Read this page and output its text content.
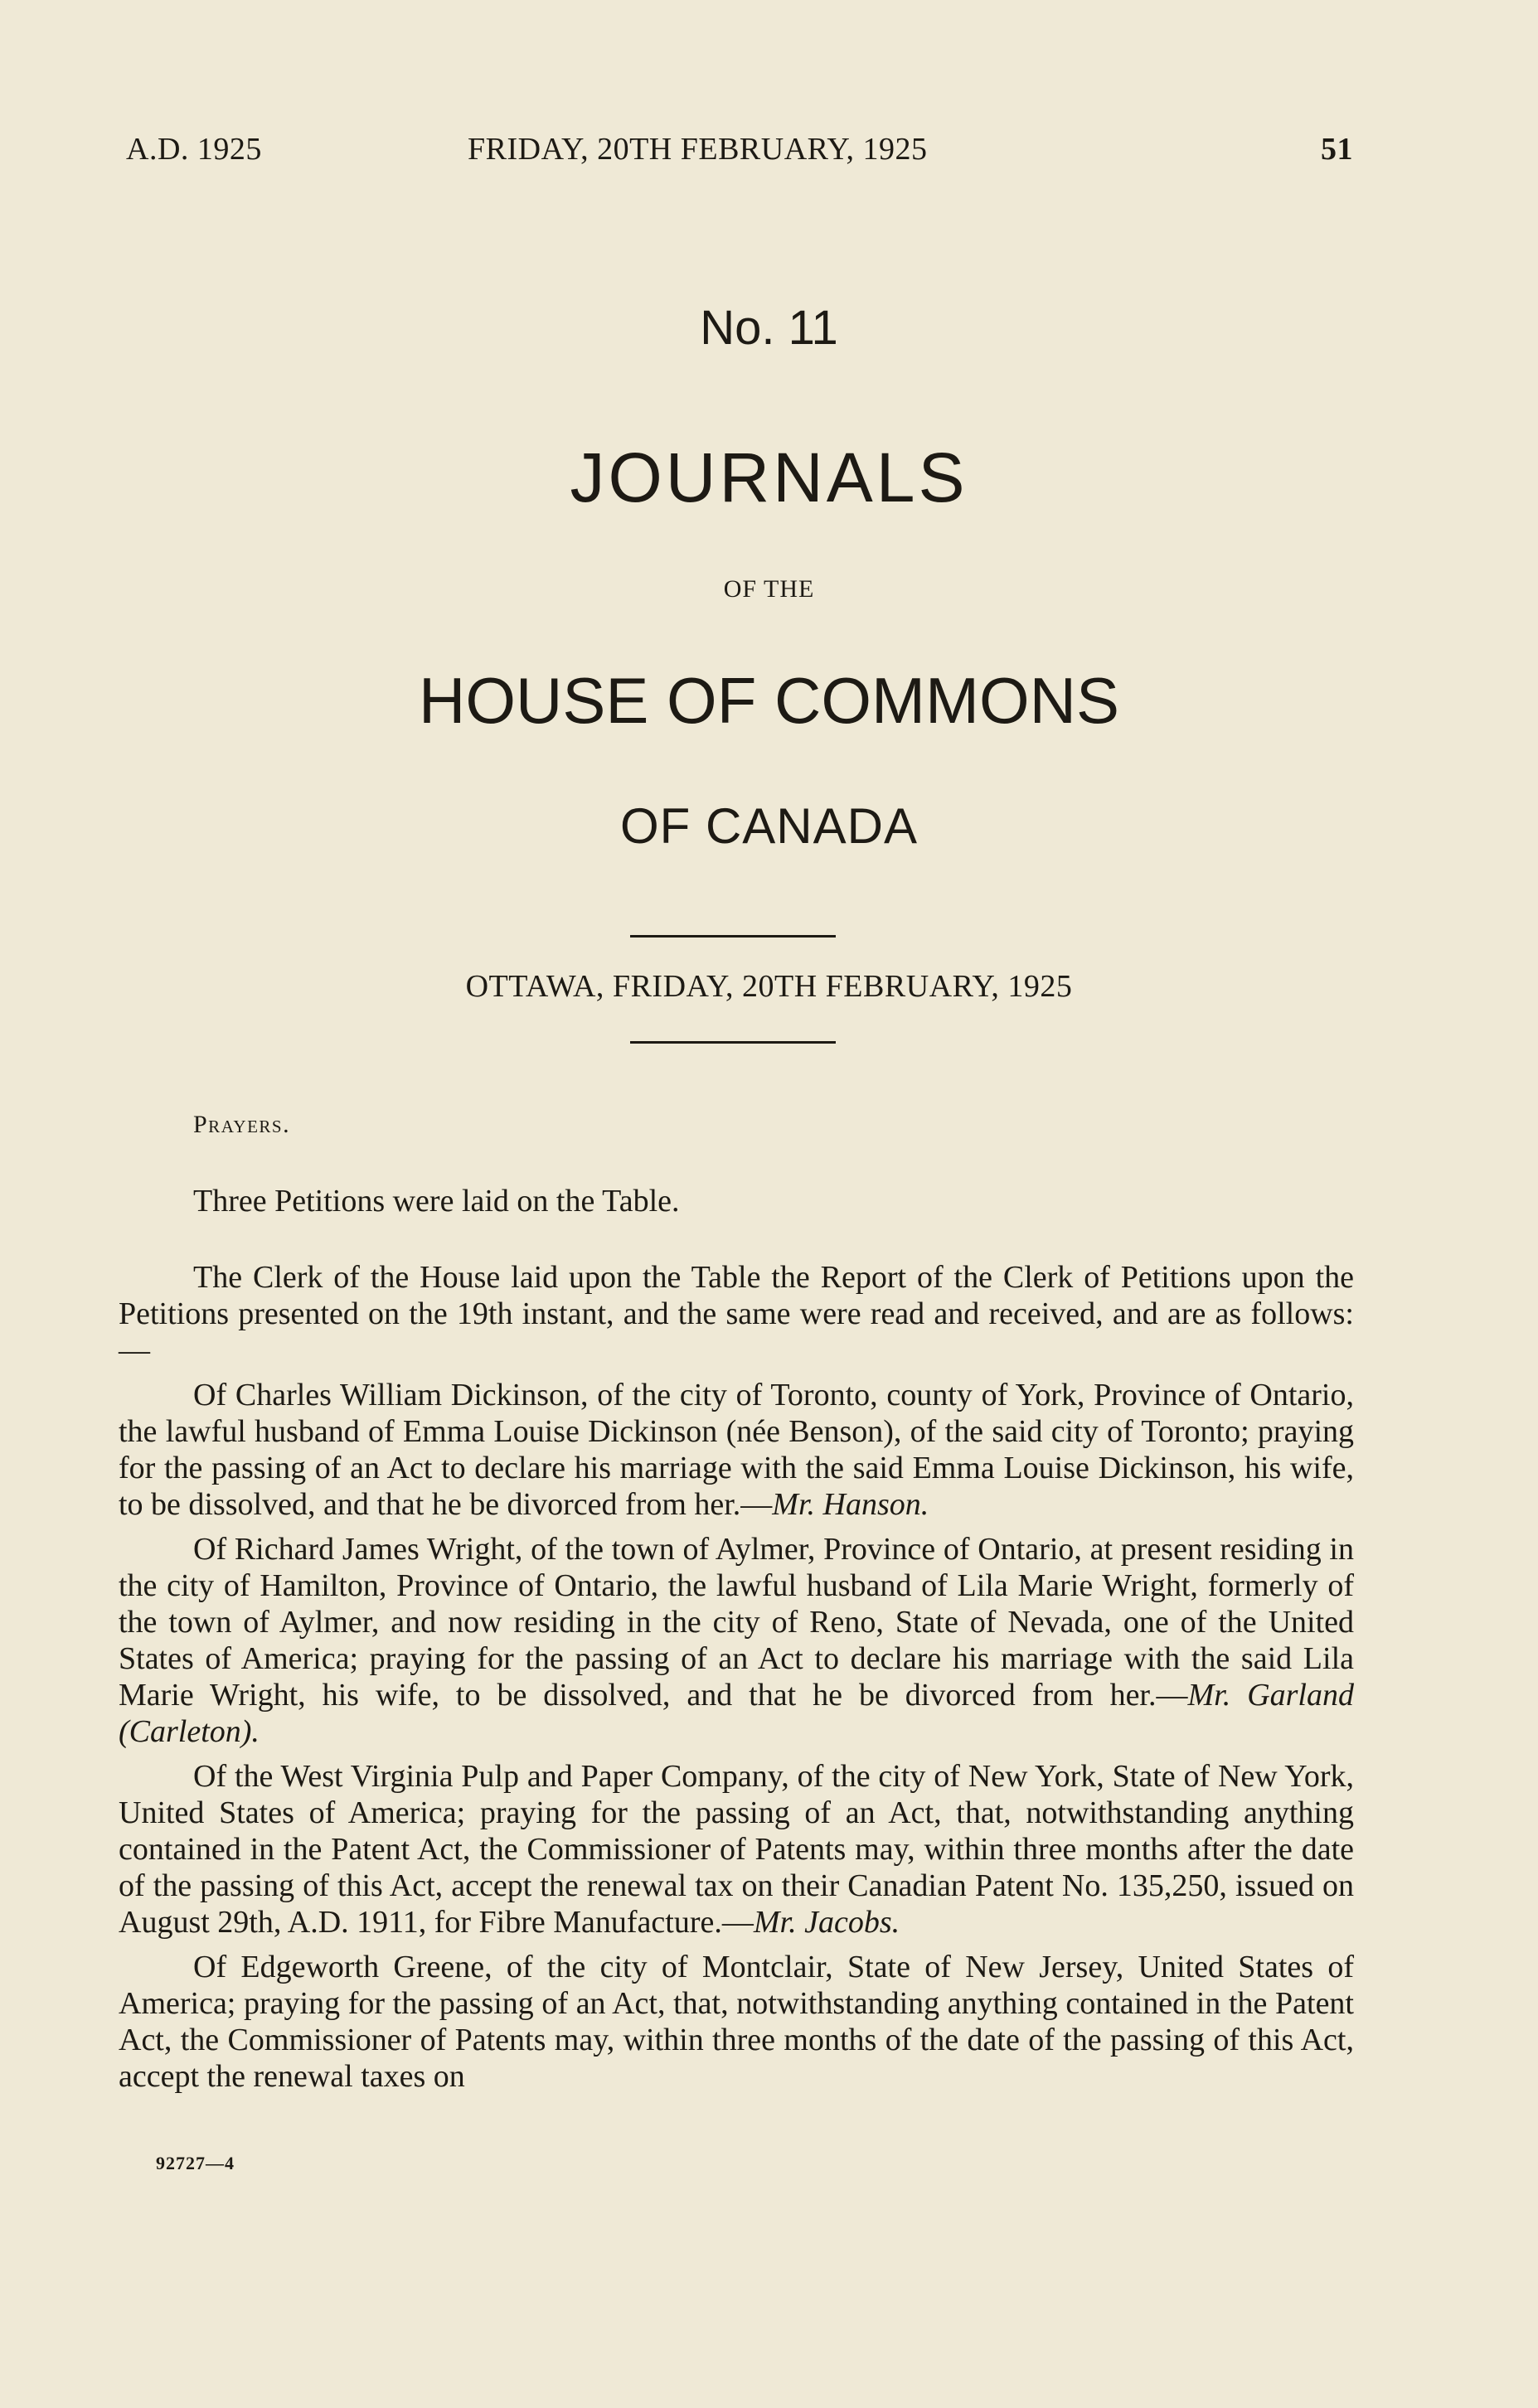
A.D. 1925	FRIDAY, 20TH FEBRUARY, 1925	51
No. 11
JOURNALS
OF THE
HOUSE OF COMMONS
OF CANADA
OTTAWA, FRIDAY, 20TH FEBRUARY, 1925

Prayers.

Three Petitions were laid on the Table.

The Clerk of the House laid upon the Table the Report of the Clerk of Petitions upon the Petitions presented on the 19th instant, and the same were read and received, and are as follows:—

Of Charles William Dickinson, of the city of Toronto, county of York, Province of Ontario, the lawful husband of Emma Louise Dickinson (née Benson), of the said city of Toronto; praying for the passing of an Act to declare his marriage with the said Emma Louise Dickinson, his wife, to be dissolved, and that he be divorced from her.—Mr. Hanson.

Of Richard James Wright, of the town of Aylmer, Province of Ontario, at present residing in the city of Hamilton, Province of Ontario, the lawful husband of Lila Marie Wright, formerly of the town of Aylmer, and now residing in the city of Reno, State of Nevada, one of the United States of America; praying for the passing of an Act to declare his marriage with the said Lila Marie Wright, his wife, to be dissolved, and that he be divorced from her.—Mr. Garland (Carleton).

Of the West Virginia Pulp and Paper Company, of the city of New York, State of New York, United States of America; praying for the passing of an Act, that, notwithstanding anything contained in the Patent Act, the Commissioner of Patents may, within three months after the date of the passing of this Act, accept the renewal tax on their Canadian Patent No. 135,250, issued on August 29th, A.D. 1911, for Fibre Manufacture.—Mr. Jacobs.

Of Edgeworth Greene, of the city of Montclair, State of New Jersey, United States of America; praying for the passing of an Act, that, notwithstanding anything contained in the Patent Act, the Commissioner of Patents may, within three months of the date of the passing of this Act, accept the renewal taxes on

92727—4
